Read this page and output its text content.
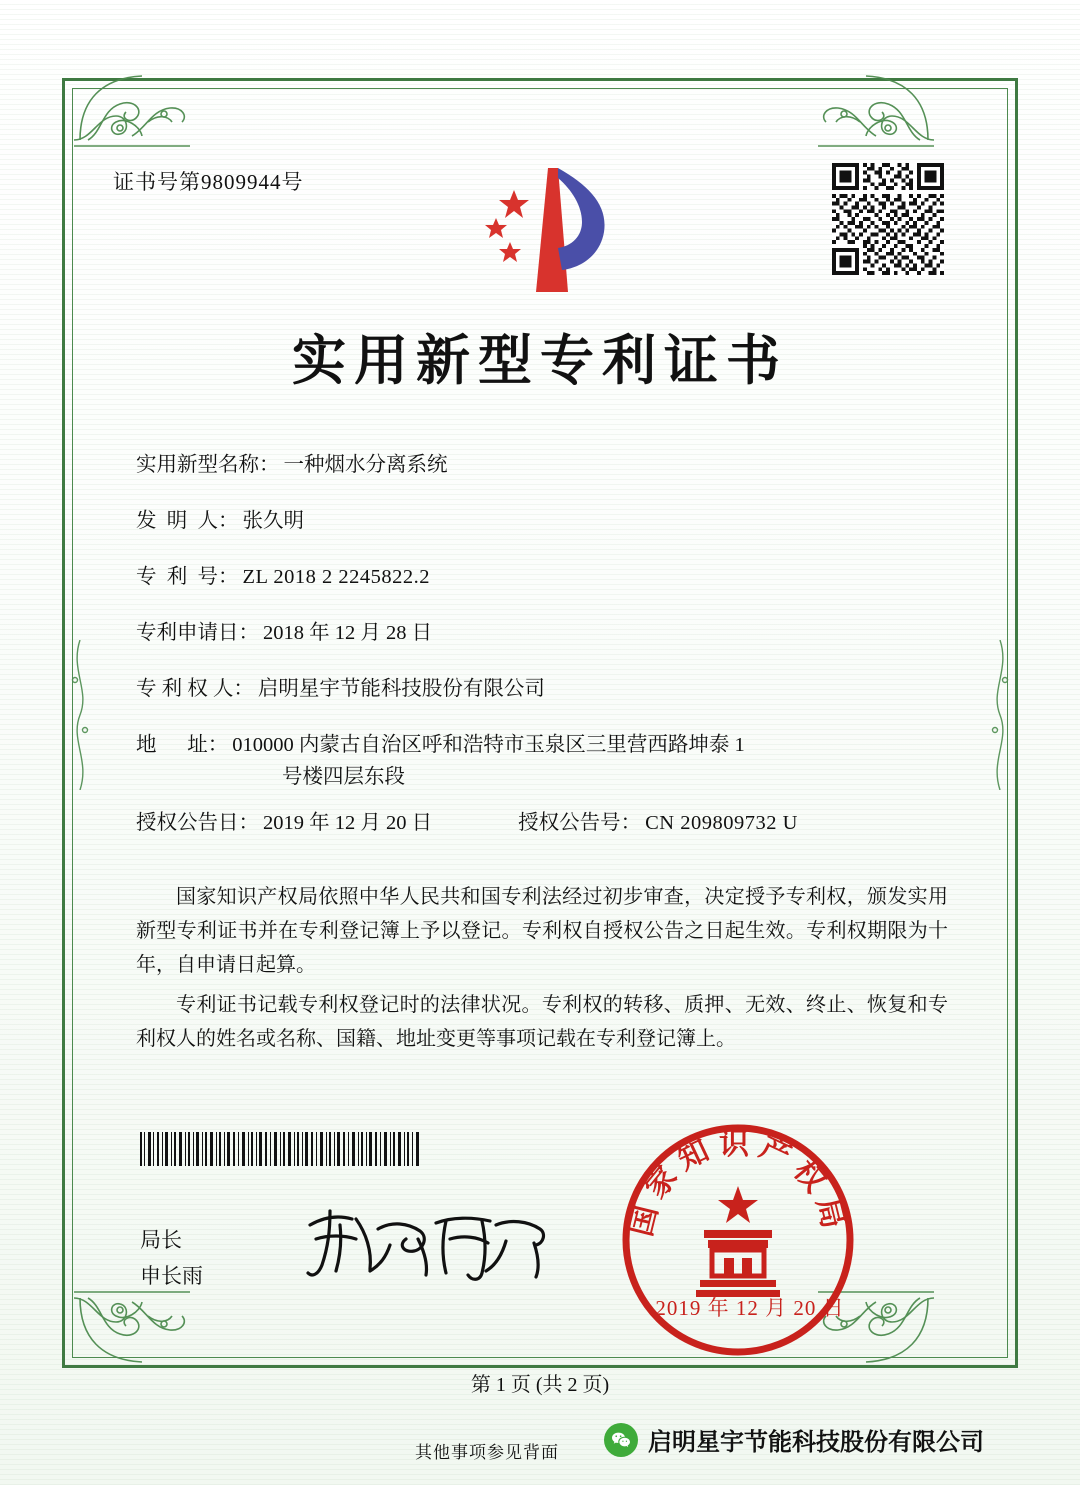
证书号第9809944号
实用新型专利证书
实用新型名称： 一种烟水分离系统
发  明  人： 张久明
专  利  号： ZL 2018 2 2245822.2
专利申请日： 2018 年 12 月 28 日
专 利 权 人： 启明星宇节能科技股份有限公司
地      址： 010000 内蒙古自治区呼和浩特市玉泉区三里营西路坤泰 1
号楼四层东段
授权公告日： 2019 年 12 月 20 日	授权公告号： CN 209809732 U

国家知识产权局依照中华人民共和国专利法经过初步审查，决定授予专利权，颁发实用新型专利证书并在专利登记簿上予以登记。专利权自授权公告之日起生效。专利权期限为十年，自申请日起算。

专利证书记载专利权登记时的法律状况。专利权的转移、质押、无效、终止、恢复和专利权人的姓名或名称、国籍、地址变更等事项记载在专利登记簿上。

局长
申长雨
国家知识产权局
2019 年 12 月 20 日
第 1 页 (共 2 页)
其他事项参见背面	启明星宇节能科技股份有限公司
